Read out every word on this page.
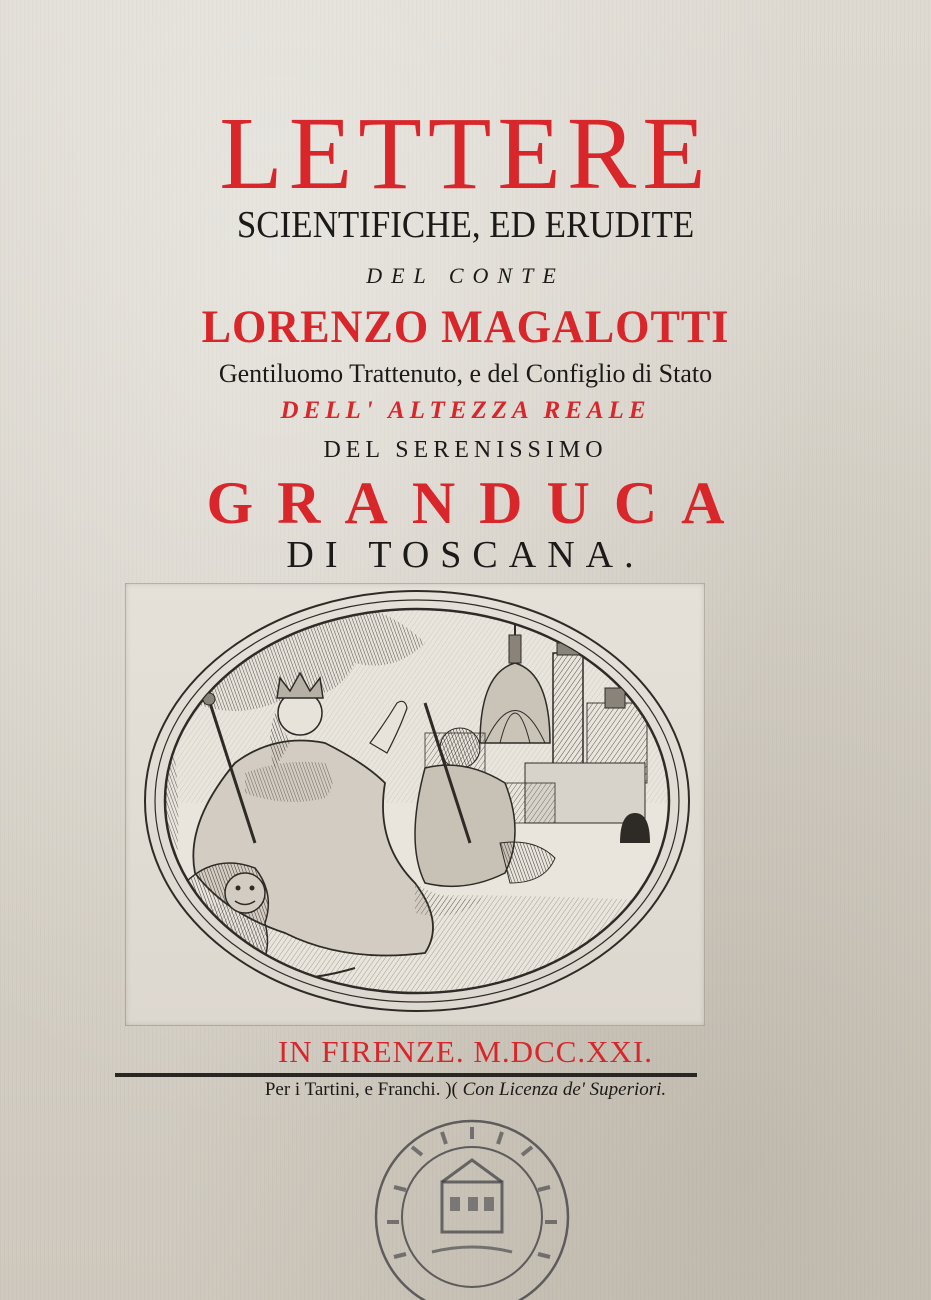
LETTERE
SCIENTIFICHE, ED ERUDITE
DEL CONTE
LORENZO MAGALOTTI
Gentiluomo Trattenuto, e del Configlio di Stato
DELL' ALTEZZA REALE
DEL SERENISSIMO
GRANDUCA
DI TOSCANA.
IN FIRENZE. M.DCC.XXI.
Per i Tartini, e Franchi. )( Con Licenza de' Superiori.
